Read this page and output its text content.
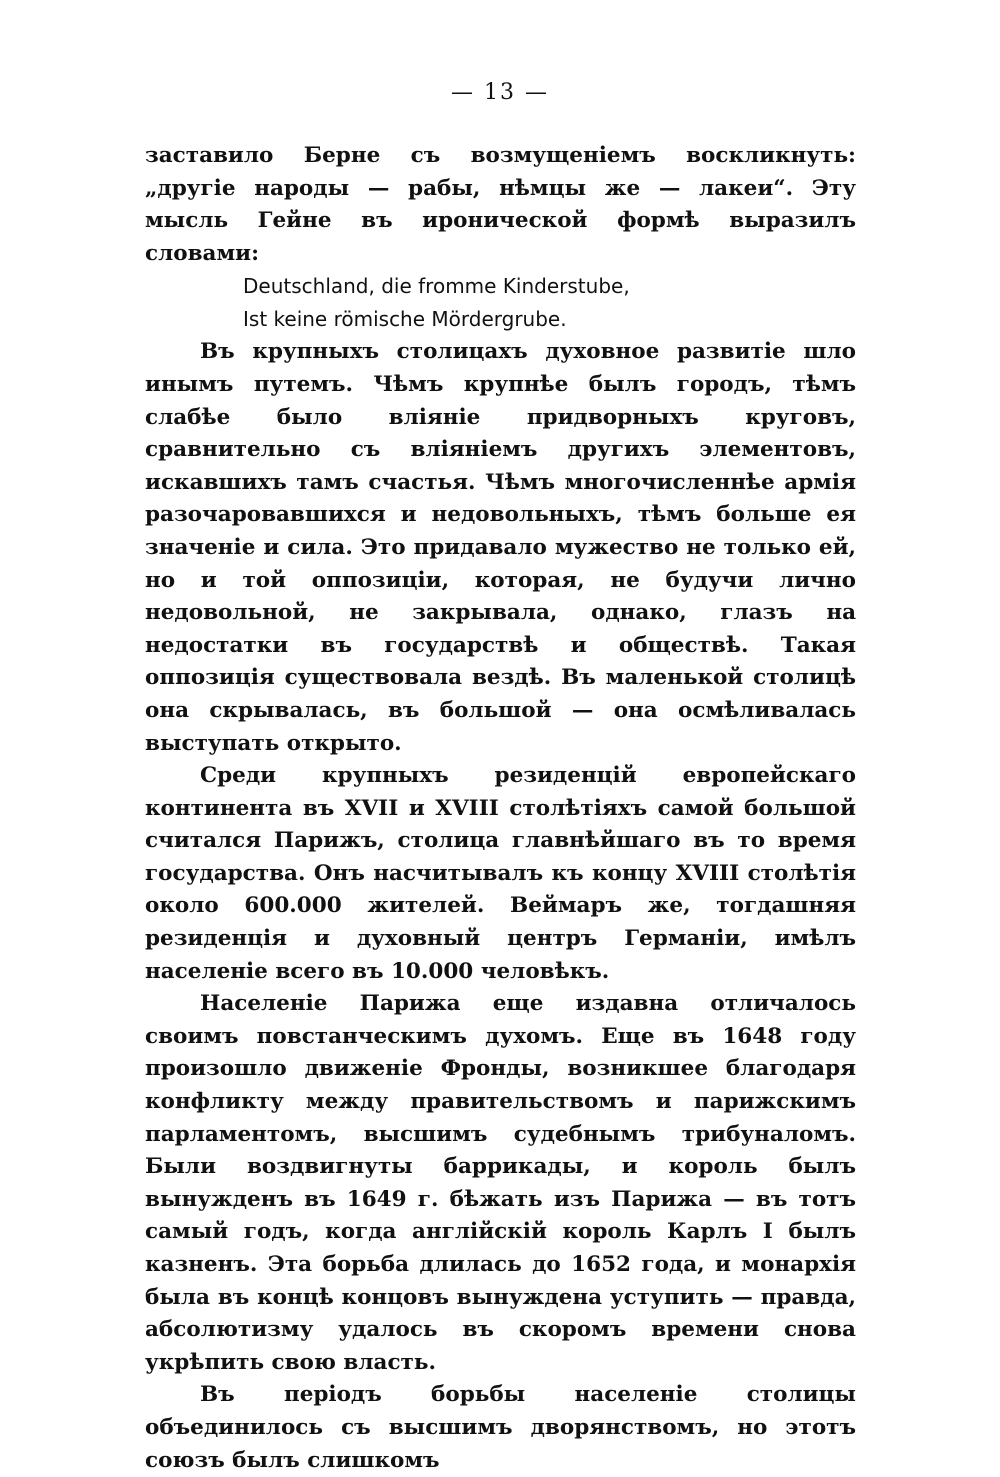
— 13 —

заставило Берне съ возмущеніемъ воскликнуть: „другіе народы — рабы, нѣмцы же — лакеи“. Эту мысль Гейне въ иронической формѣ выразилъ словами:

Deutschland, die fromme Kinderstube,
Ist keine römische Mördergrube.

Въ крупныхъ столицахъ духовное развитіе шло инымъ путемъ. Чѣмъ крупнѣе былъ городъ, тѣмъ слабѣе было вліяніе придворныхъ круговъ, сравнительно съ вліяніемъ другихъ элементовъ, искавшихъ тамъ счастья. Чѣмъ многочисленнѣе армія разочаровавшихся и недовольныхъ, тѣмъ больше ея значеніе и сила. Это придавало мужество не только ей, но и той оппозиціи, которая, не будучи лично недовольной, не закрывала, однако, глазъ на недостатки въ государствѣ и обществѣ. Такая оппозиція существовала вездѣ. Въ маленькой столицѣ она скрывалась, въ большой — она осмѣливалась выступать открыто.

Среди крупныхъ резиденцій европейскаго континента въ XVII и XVIII столѣтіяхъ самой большой считался Парижъ, столица главнѣйшаго въ то время государства. Онъ насчитывалъ къ концу XVIII столѣтія около 600.000 жителей. Веймаръ же, тогдашняя резиденція и духовный центръ Германіи, имѣлъ населеніе всего въ 10.000 человѣкъ.

Населеніе Парижа еще издавна отличалось своимъ повстанческимъ духомъ. Еще въ 1648 году произошло движеніе Фронды, возникшее благодаря конфликту между правительствомъ и парижскимъ парламентомъ, высшимъ судебнымъ трибуналомъ. Были воздвигнуты баррикады, и король былъ вынужденъ въ 1649 г. бѣжать изъ Парижа — въ тотъ самый годъ, когда англійскій король Карлъ I былъ казненъ. Эта борьба длилась до 1652 года, и монархія была въ концѣ концовъ вынуждена уступить — правда, абсолютизму удалось въ скоромъ времени снова укрѣпить свою власть.

Въ періодъ борьбы населеніе столицы объединилось съ высшимъ дворянствомъ, но этотъ союзъ былъ слишкомъ
